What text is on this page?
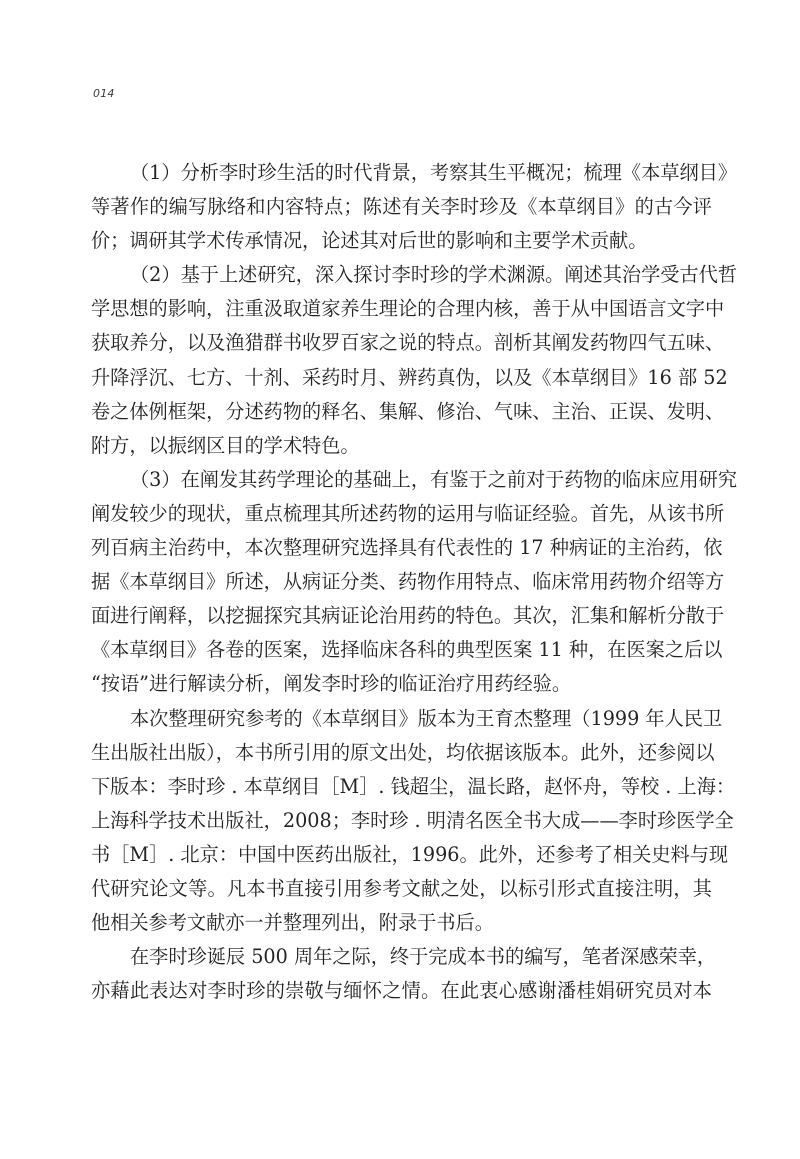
014
（1）分析李时珍生活的时代背景，考察其生平概况；梳理《本草纲目》
等著作的编写脉络和内容特点；陈述有关李时珍及《本草纲目》的古今评
价；调研其学术传承情况，论述其对后世的影响和主要学术贡献。
（2）基于上述研究，深入探讨李时珍的学术渊源。阐述其治学受古代哲
学思想的影响，注重汲取道家养生理论的合理内核，善于从中国语言文字中
获取养分，以及渔猎群书收罗百家之说的特点。剖析其阐发药物四气五味、
升降浮沉、七方、十剂、采药时月、辨药真伪，以及《本草纲目》16 部 52
卷之体例框架，分述药物的释名、集解、修治、气味、主治、正误、发明、
附方，以振纲区目的学术特色。
（3）在阐发其药学理论的基础上，有鉴于之前对于药物的临床应用研究
阐发较少的现状，重点梳理其所述药物的运用与临证经验。首先，从该书所
列百病主治药中，本次整理研究选择具有代表性的 17 种病证的主治药，依
据《本草纲目》所述，从病证分类、药物作用特点、临床常用药物介绍等方
面进行阐释，以挖掘探究其病证论治用药的特色。其次，汇集和解析分散于
《本草纲目》各卷的医案，选择临床各科的典型医案 11 种，在医案之后以
“按语”进行解读分析，阐发李时珍的临证治疗用药经验。
本次整理研究参考的《本草纲目》版本为王育杰整理（1999 年人民卫
生出版社出版），本书所引用的原文出处，均依据该版本。此外，还参阅以
下版本：李时珍 . 本草纲目［M］. 钱超尘，温长路，赵怀舟，等校 . 上海：
上海科学技术出版社，2008；李时珍 . 明清名医全书大成——李时珍医学全
书［M］. 北京：中国中医药出版社，1996。此外，还参考了相关史料与现
代研究论文等。凡本书直接引用参考文献之处，以标引形式直接注明，其
他相关参考文献亦一并整理列出，附录于书后。
在李时珍诞辰 500 周年之际，终于完成本书的编写，笔者深感荣幸，
亦藉此表达对李时珍的崇敬与缅怀之情。在此衷心感谢潘桂娟研究员对本
